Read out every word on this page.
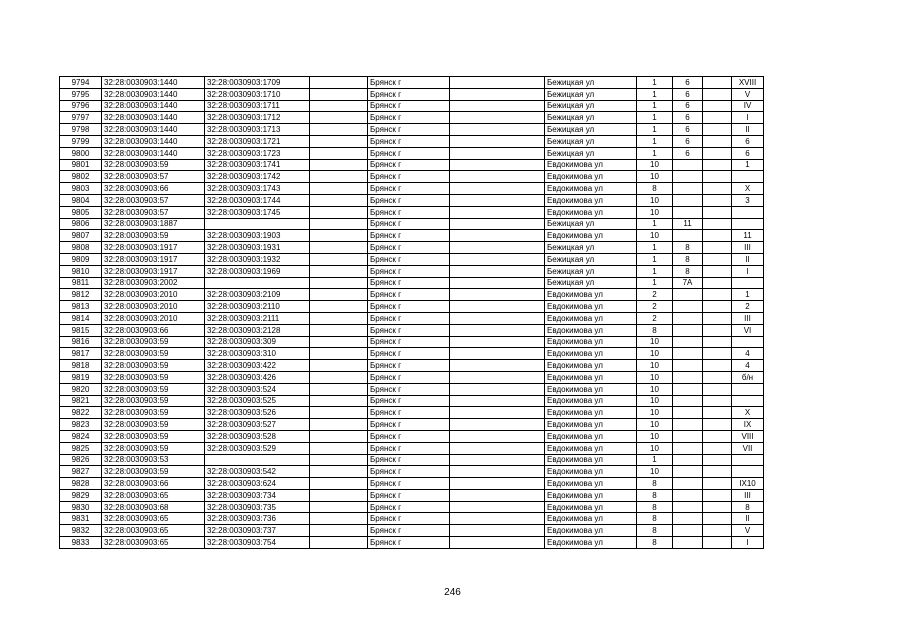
9794	32:28:0030903:1440	32:28:0030903:1709		Брянск г		Бежицкая ул	1	6		XVIII
9795	32:28:0030903:1440	32:28:0030903:1710		Брянск г		Бежицкая ул	1	6		V
9796	32:28:0030903:1440	32:28:0030903:1711		Брянск г		Бежицкая ул	1	6		IV
9797	32:28:0030903:1440	32:28:0030903:1712		Брянск г		Бежицкая ул	1	6		I
9798	32:28:0030903:1440	32:28:0030903:1713		Брянск г		Бежицкая ул	1	6		II
9799	32:28:0030903:1440	32:28:0030903:1721		Брянск г		Бежицкая ул	1	6		6
9800	32:28:0030903:1440	32:28:0030903:1723		Брянск г		Бежицкая ул	1	6		6
9801	32:28:0030903:59	32:28:0030903:1741		Брянск г		Евдокимова ул	10			1
9802	32:28:0030903:57	32:28:0030903:1742		Брянск г		Евдокимова ул	10			
9803	32:28:0030903:66	32:28:0030903:1743		Брянск г		Евдокимова ул	8			X
9804	32:28:0030903:57	32:28:0030903:1744		Брянск г		Евдокимова ул	10			3
9805	32:28:0030903:57	32:28:0030903:1745		Брянск г		Евдокимова ул	10			
9806	32:28:0030903:1887			Брянск г		Бежицкая ул	1	11		
9807	32:28:0030903:59	32:28:0030903:1903		Брянск г		Евдокимова ул	10			11
9808	32:28:0030903:1917	32:28:0030903:1931		Брянск г		Бежицкая ул	1	8		III
9809	32:28:0030903:1917	32:28:0030903:1932		Брянск г		Бежицкая ул	1	8		II
9810	32:28:0030903:1917	32:28:0030903:1969		Брянск г		Бежицкая ул	1	8		I
9811	32:28:0030903:2002			Брянск г		Бежицкая ул	1	7А		
9812	32:28:0030903:2010	32:28:0030903:2109		Брянск г		Евдокимова ул	2			1
9813	32:28:0030903:2010	32:28:0030903:2110		Брянск г		Евдокимова ул	2			2
9814	32:28:0030903:2010	32:28:0030903:2111		Брянск г		Евдокимова ул	2			III
9815	32:28:0030903:66	32:28:0030903:2128		Брянск г		Евдокимова ул	8			VI
9816	32:28:0030903:59	32:28:0030903:309		Брянск г		Евдокимова ул	10			
9817	32:28:0030903:59	32:28:0030903:310		Брянск г		Евдокимова ул	10			4
9818	32:28:0030903:59	32:28:0030903:422		Брянск г		Евдокимова ул	10			4
9819	32:28:0030903:59	32:28:0030903:426		Брянск г		Евдокимова ул	10			б/н
9820	32:28:0030903:59	32:28:0030903:524		Брянск г		Евдокимова ул	10			
9821	32:28:0030903:59	32:28:0030903:525		Брянск г		Евдокимова ул	10			
9822	32:28:0030903:59	32:28:0030903:526		Брянск г		Евдокимова ул	10			X
9823	32:28:0030903:59	32:28:0030903:527		Брянск г		Евдокимова ул	10			IX
9824	32:28:0030903:59	32:28:0030903:528		Брянск г		Евдокимова ул	10			VIII
9825	32:28:0030903:59	32:28:0030903:529		Брянск г		Евдокимова ул	10			VII
9826	32:28:0030903:53			Брянск г		Евдокимова ул	1			
9827	32:28:0030903:59	32:28:0030903:542		Брянск г		Евдокимова ул	10			
9828	32:28:0030903:66	32:28:0030903:624		Брянск г		Евдокимова ул	8			IX10
9829	32:28:0030903:65	32:28:0030903:734		Брянск г		Евдокимова ул	8			III
9830	32:28:0030903:68	32:28:0030903:735		Брянск г		Евдокимова ул	8			8
9831	32:28:0030903:65	32:28:0030903:736		Брянск г		Евдокимова ул	8			II
9832	32:28:0030903:65	32:28:0030903:737		Брянск г		Евдокимова ул	8			V
9833	32:28:0030903:65	32:28:0030903:754		Брянск г		Евдокимова ул	8			I
246
